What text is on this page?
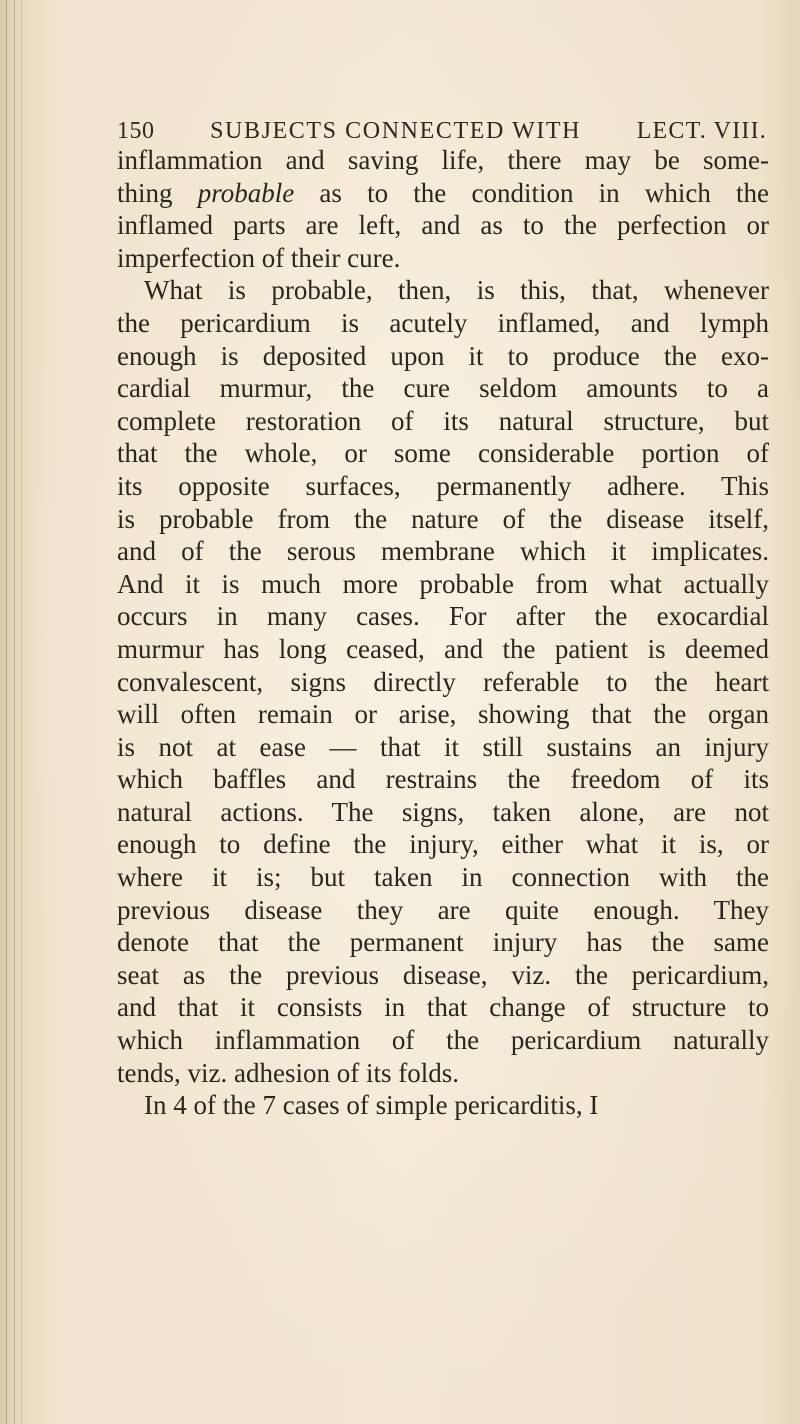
150 SUBJECTS CONNECTED WITH LECT. VIII.

inflammation and saving life, there may be some-
thing probable as to the condition in which the
inflamed parts are left, and as to the perfection or
imperfection of their cure.

What is probable, then, is this, that, whenever
the pericardium is acutely inflamed, and lymph
enough is deposited upon it to produce the exo-
cardial murmur, the cure seldom amounts to a
complete restoration of its natural structure, but
that the whole, or some considerable portion of
its opposite surfaces, permanently adhere. This
is probable from the nature of the disease itself,
and of the serous membrane which it implicates.
And it is much more probable from what actually
occurs in many cases. For after the exocardial
murmur has long ceased, and the patient is deemed
convalescent, signs directly referable to the heart
will often remain or arise, showing that the organ
is not at ease — that it still sustains an injury
which baffles and restrains the freedom of its
natural actions. The signs, taken alone, are not
enough to define the injury, either what it is, or
where it is; but taken in connection with the
previous disease they are quite enough. They
denote that the permanent injury has the same
seat as the previous disease, viz. the pericardium,
and that it consists in that change of structure to
which inflammation of the pericardium naturally
tends, viz. adhesion of its folds.

In 4 of the 7 cases of simple pericarditis, I
